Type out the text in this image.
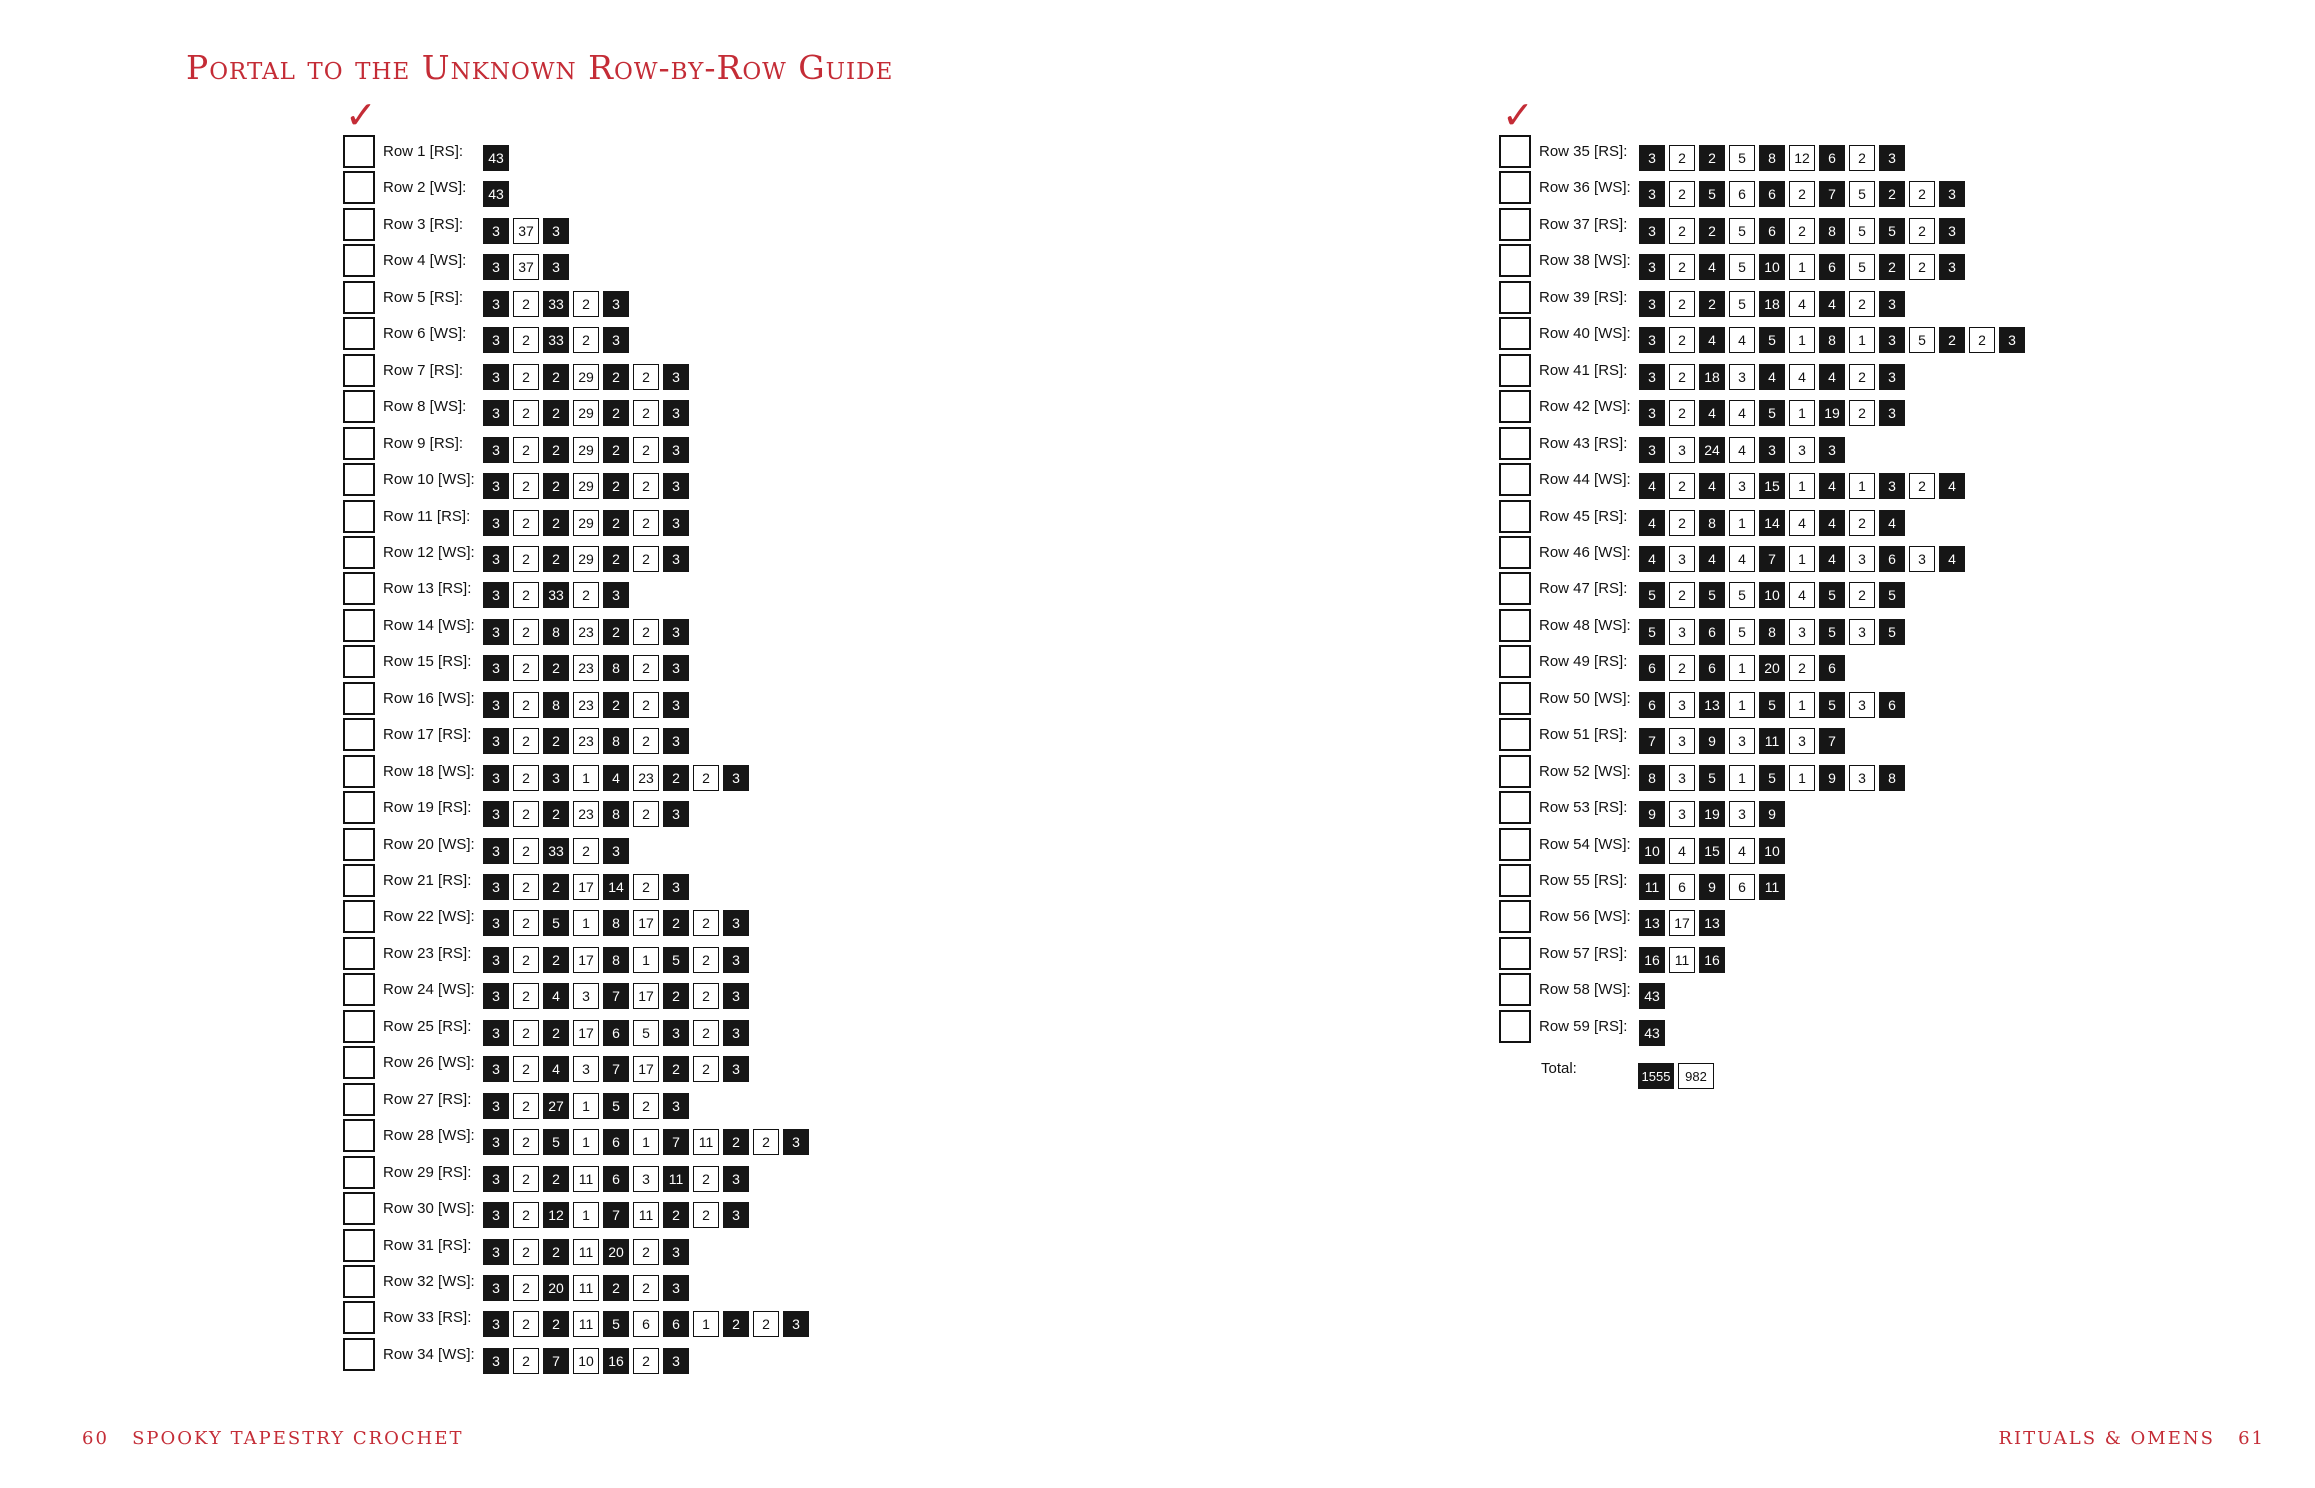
Portal to the Unknown Row-by-Row Guide
✓	✓
Row 1 [RS]:	43
Row 2 [WS]:	43
Row 3 [RS]:	3	37	3
Row 4 [WS]:	3	37	3
Row 5 [RS]:	3	2	33	2	3
Row 6 [WS]:	3	2	33	2	3
Row 7 [RS]:	3	2	2	29	2	2	3
Row 8 [WS]:	3	2	2	29	2	2	3
Row 9 [RS]:	3	2	2	29	2	2	3
Row 10 [WS]:	3	2	2	29	2	2	3
Row 11 [RS]:	3	2	2	29	2	2	3
Row 12 [WS]:	3	2	2	29	2	2	3
Row 13 [RS]:	3	2	33	2	3
Row 14 [WS]:	3	2	8	23	2	2	3
Row 15 [RS]:	3	2	2	23	8	2	3
Row 16 [WS]:	3	2	8	23	2	2	3
Row 17 [RS]:	3	2	2	23	8	2	3
Row 18 [WS]:	3	2	3	1	4	23	2	2	3
Row 19 [RS]:	3	2	2	23	8	2	3
Row 20 [WS]:	3	2	33	2	3
Row 21 [RS]:	3	2	2	17	14	2	3
Row 22 [WS]:	3	2	5	1	8	17	2	2	3
Row 23 [RS]:	3	2	2	17	8	1	5	2	3
Row 24 [WS]:	3	2	4	3	7	17	2	2	3
Row 25 [RS]:	3	2	2	17	6	5	3	2	3
Row 26 [WS]:	3	2	4	3	7	17	2	2	3
Row 27 [RS]:	3	2	27	1	5	2	3
Row 28 [WS]:	3	2	5	1	6	1	7	11	2	2	3
Row 29 [RS]:	3	2	2	11	6	3	11	2	3
Row 30 [WS]:	3	2	12	1	7	11	2	2	3
Row 31 [RS]:	3	2	2	11	20	2	3
Row 32 [WS]:	3	2	20	11	2	2	3
Row 33 [RS]:	3	2	2	11	5	6	6	1	2	2	3
Row 34 [WS]:	3	2	7	10	16	2	3
Row 35 [RS]:	3	2	2	5	8	12	6	2	3
Row 36 [WS]:	3	2	5	6	6	2	7	5	2	2	3
Row 37 [RS]:	3	2	2	5	6	2	8	5	5	2	3
Row 38 [WS]:	3	2	4	5	10	1	6	5	2	2	3
Row 39 [RS]:	3	2	2	5	18	4	4	2	3
Row 40 [WS]:	3	2	4	4	5	1	8	1	3	5	2	2	3
Row 41 [RS]:	3	2	18	3	4	4	4	2	3
Row 42 [WS]:	3	2	4	4	5	1	19	2	3
Row 43 [RS]:	3	3	24	4	3	3	3
Row 44 [WS]:	4	2	4	3	15	1	4	1	3	2	4
Row 45 [RS]:	4	2	8	1	14	4	4	2	4
Row 46 [WS]:	4	3	4	4	7	1	4	3	6	3	4
Row 47 [RS]:	5	2	5	5	10	4	5	2	5
Row 48 [WS]:	5	3	6	5	8	3	5	3	5
Row 49 [RS]:	6	2	6	1	20	2	6
Row 50 [WS]:	6	3	13	1	5	1	5	3	6
Row 51 [RS]:	7	3	9	3	11	3	7
Row 52 [WS]:	8	3	5	1	5	1	9	3	8
Row 53 [RS]:	9	3	19	3	9
Row 54 [WS]: 10	4	15	4	10
Row 55 [RS]:	11	6	9	6	11
Row 56 [WS]: 13	17	13
Row 57 [RS]:	16	11	16
Row 58 [WS]: 43
Row 59 [RS]:	43
Total:	1555	982
60 SPOOKY TAPESTRY CROCHET	RITUALS & OMENS 61
